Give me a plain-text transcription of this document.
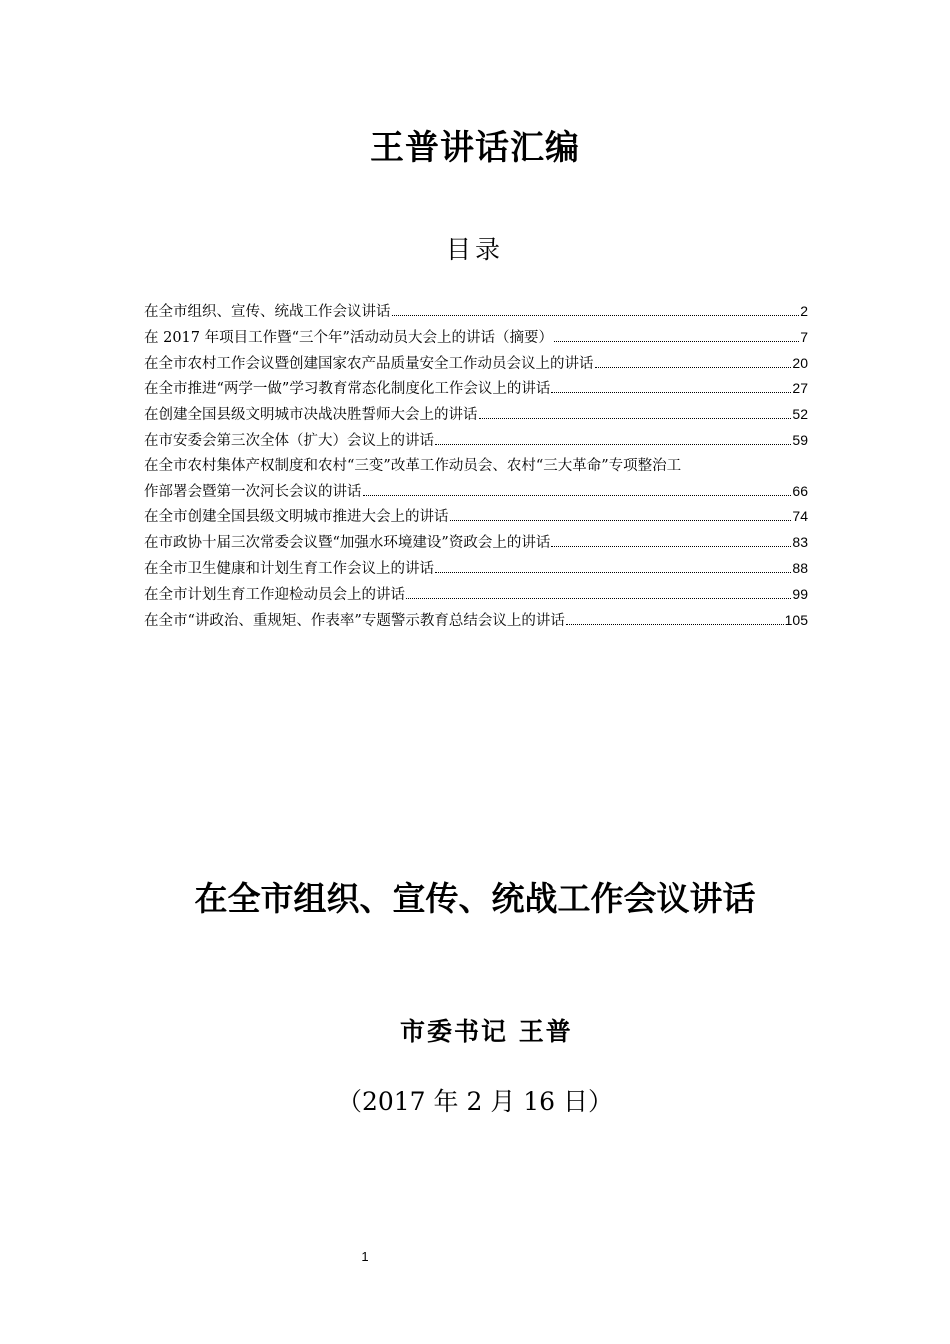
王普讲话汇编
目录
在全市组织、宣传、统战工作会议讲话	2
在 2017 年项目工作暨“三个年”活动动员大会上的讲话（摘要）	7
在全市农村工作会议暨创建国家农产品质量安全工作动员会议上的讲话	20
在全市推进“两学一做”学习教育常态化制度化工作会议上的讲话	27
在创建全国县级文明城市决战决胜誓师大会上的讲话	52
在市安委会第三次全体（扩大）会议上的讲话	59
在全市农村集体产权制度和农村“三变”改革工作动员会、农村“三大革命”专项整治工
作部署会暨第一次河长会议的讲话	66
在全市创建全国县级文明城市推进大会上的讲话	74
在市政协十届三次常委会议暨“加强水环境建设”资政会上的讲话	83
在全市卫生健康和计划生育工作会议上的讲话	88
在全市计划生育工作迎检动员会上的讲话	99
在全市“讲政治、重规矩、作表率”专题警示教育总结会议上的讲话	105
在全市组织、宣传、统战工作会议讲话
市委书记 王普
（2017 年 2 月 16 日）
1
